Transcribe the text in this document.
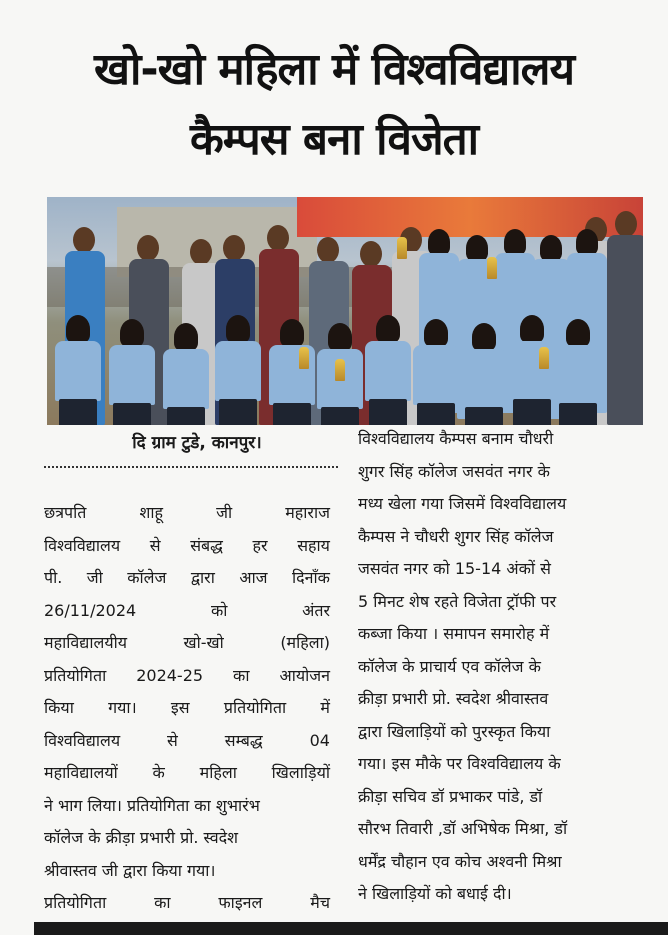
खो-खो महिला में विश्वविद्यालय
कैम्पस बना विजेता
दि ग्राम टुडे, कानपुर।
छत्रपति	शाहू	जी	महाराज
विश्वविद्यालय से संबद्ध हर सहाय
पी. जी कॉलेज द्वारा आज दिनाँक
26/11/2024	को	अंतर
महाविद्यालयीय	खो-खो	(महिला)
प्रतियोगिता 2024-25 का आयोजन
किया गया। इस प्रतियोगिता में
विश्वविद्यालय	से	सम्बद्ध	04
महाविद्यालयों के महिला खिलाड़ियों
ने भाग लिया। प्रतियोगिता का शुभारंभ
कॉलेज के क्रीड़ा प्रभारी प्रो. स्वदेश
श्रीवास्तव जी द्वारा किया गया।
प्रतियोगिता	का	फाइनल	मैच
विश्वविद्यालय कैम्पस बनाम चौधरी
शुगर सिंह कॉलेज जसवंत नगर के
मध्य खेला गया जिसमें विश्वविद्यालय
कैम्पस ने चौधरी शुगर सिंह कॉलेज
जसवंत नगर को 15-14 अंकों से
5 मिनट शेष रहते विजेता ट्रॉफी पर
कब्जा किया । समापन समारोह में
कॉलेज के प्राचार्य एव कॉलेज के
क्रीड़ा प्रभारी प्रो. स्वदेश श्रीवास्तव
द्वारा खिलाड़ियों को पुरस्कृत किया
गया। इस मौके पर विश्वविद्यालय के
क्रीड़ा सचिव डॉ प्रभाकर पांडे, डॉ
सौरभ तिवारी ,डॉ अभिषेक मिश्रा, डॉ
धर्मेंद्र चौहान एव कोच अश्वनी मिश्रा
ने खिलाड़ियों को बधाई दी।
